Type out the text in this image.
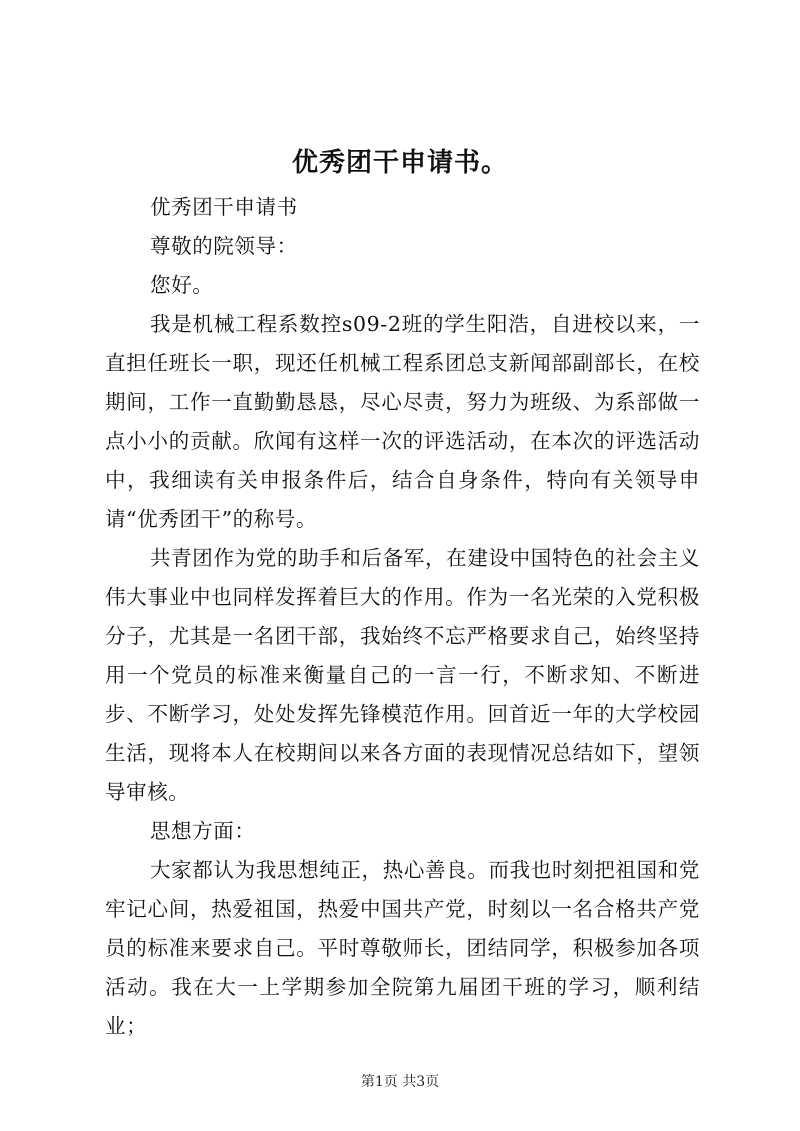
优秀团干申请书。

优秀团干申请书

尊敬的院领导：

您好。

我是机械工程系数控s09-2班的学生阳浩，自进校以来，一直担任班长一职，现还任机械工程系团总支新闻部副部长，在校期间，工作一直勤勤恳恳，尽心尽责，努力为班级、为系部做一点小小的贡献。欣闻有这样一次的评选活动，在本次的评选活动中，我细读有关申报条件后，结合自身条件，特向有关领导申请“优秀团干”的称号。

共青团作为党的助手和后备军，在建设中国特色的社会主义伟大事业中也同样发挥着巨大的作用。作为一名光荣的入党积极分子，尤其是一名团干部，我始终不忘严格要求自己，始终坚持用一个党员的标准来衡量自己的一言一行，不断求知、不断进步、不断学习，处处发挥先锋模范作用。回首近一年的大学校园生活，现将本人在校期间以来各方面的表现情况总结如下，望领导审核。

思想方面：

大家都认为我思想纯正，热心善良。而我也时刻把祖国和党牢记心间，热爱祖国，热爱中国共产党，时刻以一名合格共产党员的标准来要求自己。平时尊敬师长，团结同学，积极参加各项活动。我在大一上学期参加全院第九届团干班的学习，顺利结业；

第1页 共3页
